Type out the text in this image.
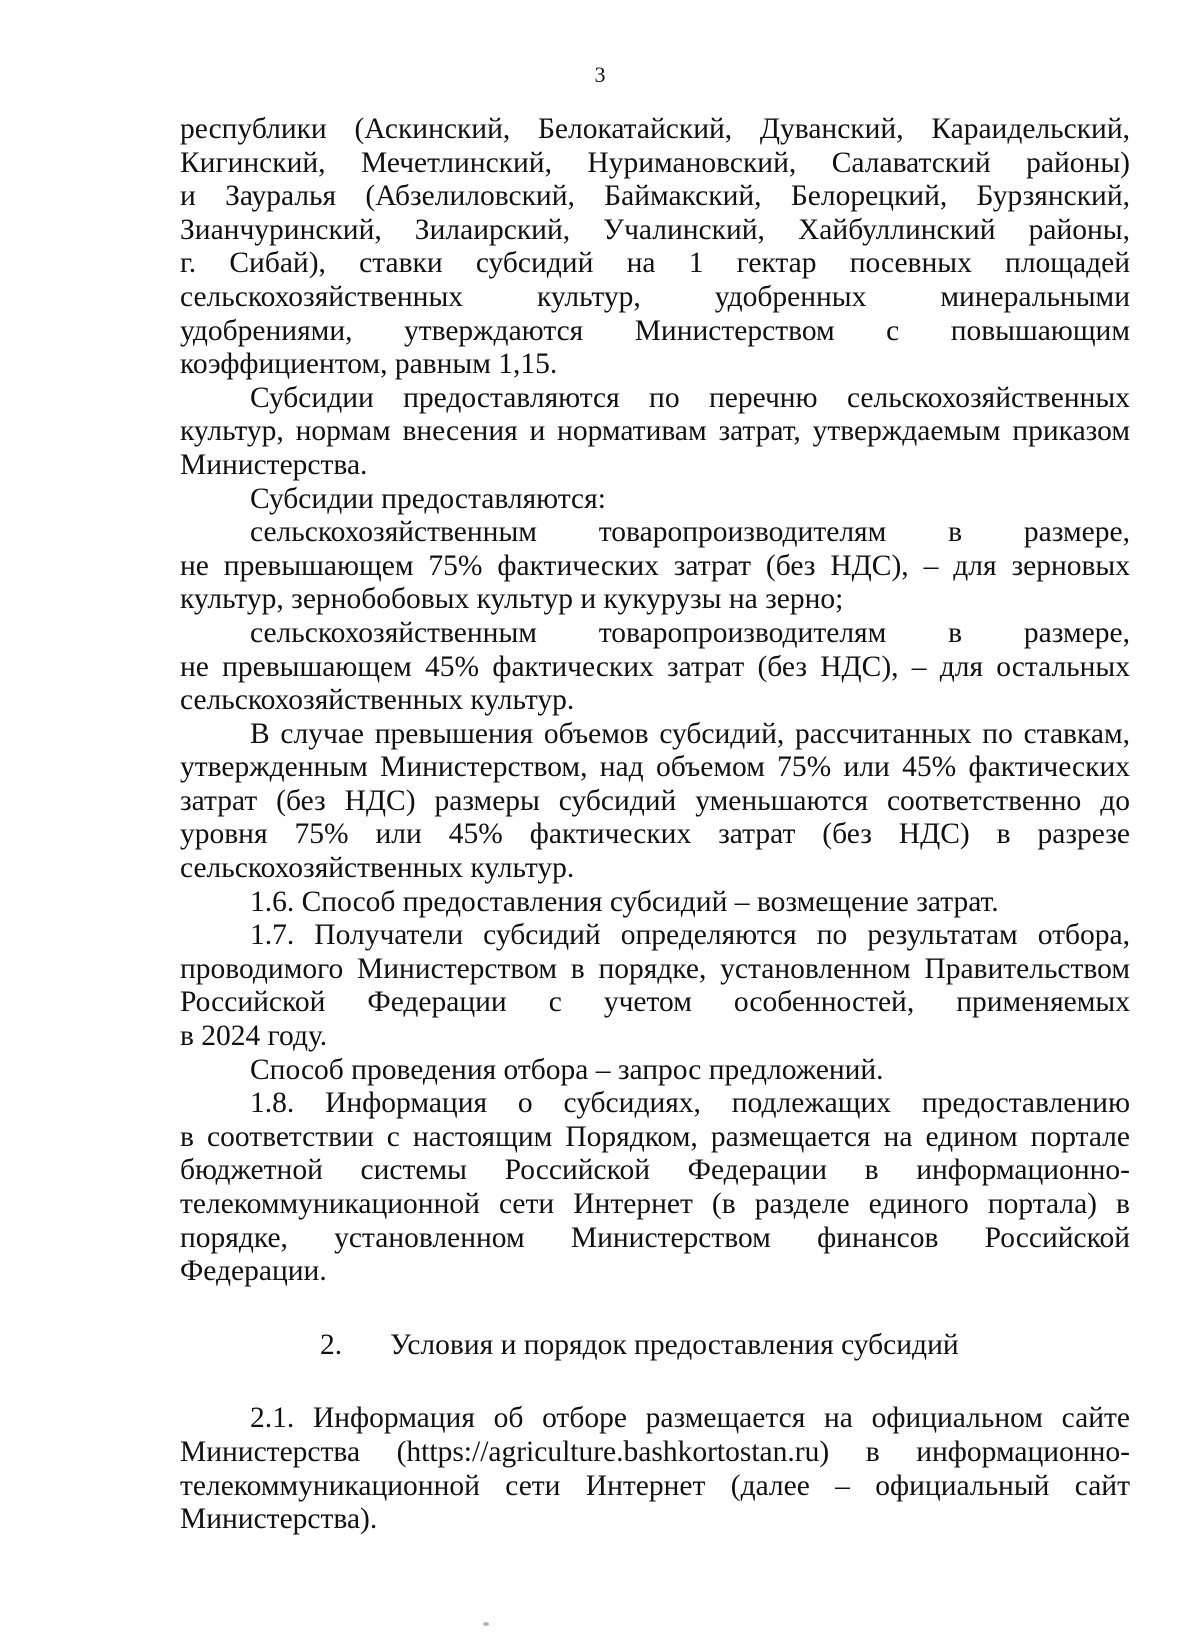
3

республики (Аскинский, Белокатайский, Дуванский, Караидельский,

Кигинский, Мечетлинский, Нуримановский, Салаватский районы)

и Зауралья (Абзелиловский, Баймакский, Белорецкий, Бурзянский,

Зианчуринский, Зилаирский, Учалинский, Хайбуллинский районы,

г. Сибай), ставки субсидий на 1 гектар посевных площадей

сельскохозяйственных культур, удобренных минеральными

удобрениями, утверждаются Министерством с повышающим

коэффициентом, равным 1,15.

Субсидии предоставляются по перечню сельскохозяйственных

культур, нормам внесения и нормативам затрат, утверждаемым приказом

Министерства.

Субсидии предоставляются:

сельскохозяйственным товаропроизводителям в размере,

не превышающем 75% фактических затрат (без НДС), – для зерновых

культур, зернобобовых культур и кукурузы на зерно;

сельскохозяйственным товаропроизводителям в размере,

не превышающем 45% фактических затрат (без НДС), – для остальных

сельскохозяйственных культур.

В случае превышения объемов субсидий, рассчитанных по ставкам,

утвержденным Министерством, над объемом 75% или 45% фактических

затрат (без НДС) размеры субсидий уменьшаются соответственно до

уровня 75% или 45% фактических затрат (без НДС) в разрезе

сельскохозяйственных культур.

1.6. Способ предоставления субсидий – возмещение затрат.

1.7. Получатели субсидий определяются по результатам отбора,

проводимого Министерством в порядке, установленном Правительством

Российской Федерации с учетом особенностей, применяемых

в 2024 году.

Способ проведения отбора – запрос предложений.

1.8. Информация о субсидиях, подлежащих предоставлению

в соответствии с настоящим Порядком, размещается на едином портале

бюджетной системы Российской Федерации в информационно-

телекоммуникационной сети Интернет (в разделе единого портала) в

порядке, установленном Министерством финансов Российской

Федерации.

2. Условия и порядок предоставления субсидий

2.1. Информация об отборе размещается на официальном сайте

Министерства (https://agriculture.bashkortostan.ru) в информационно-

телекоммуникационной сети Интернет (далее – официальный сайт

Министерства).
